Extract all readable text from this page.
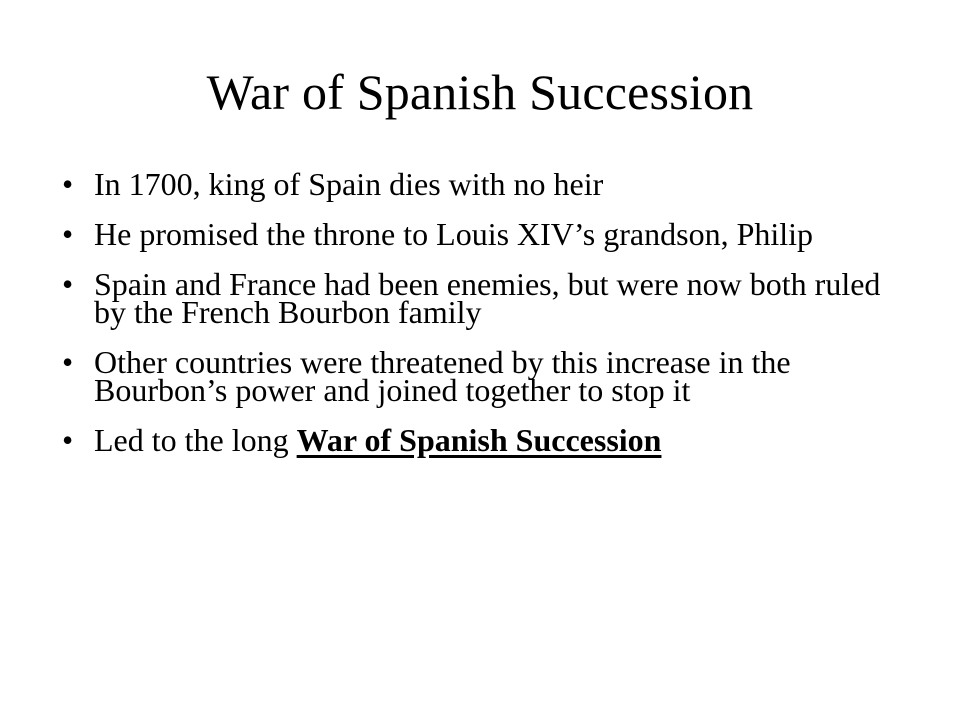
War of Spanish Succession
• In 1700, king of Spain dies with no heir
• He promised the throne to Louis XIV’s grandson, Philip
• Spain and France had been enemies, but were now both ruled by the French Bourbon family
• Other countries were threatened by this increase in the Bourbon’s power and joined together to stop it
• Led to the long War of Spanish Succession
